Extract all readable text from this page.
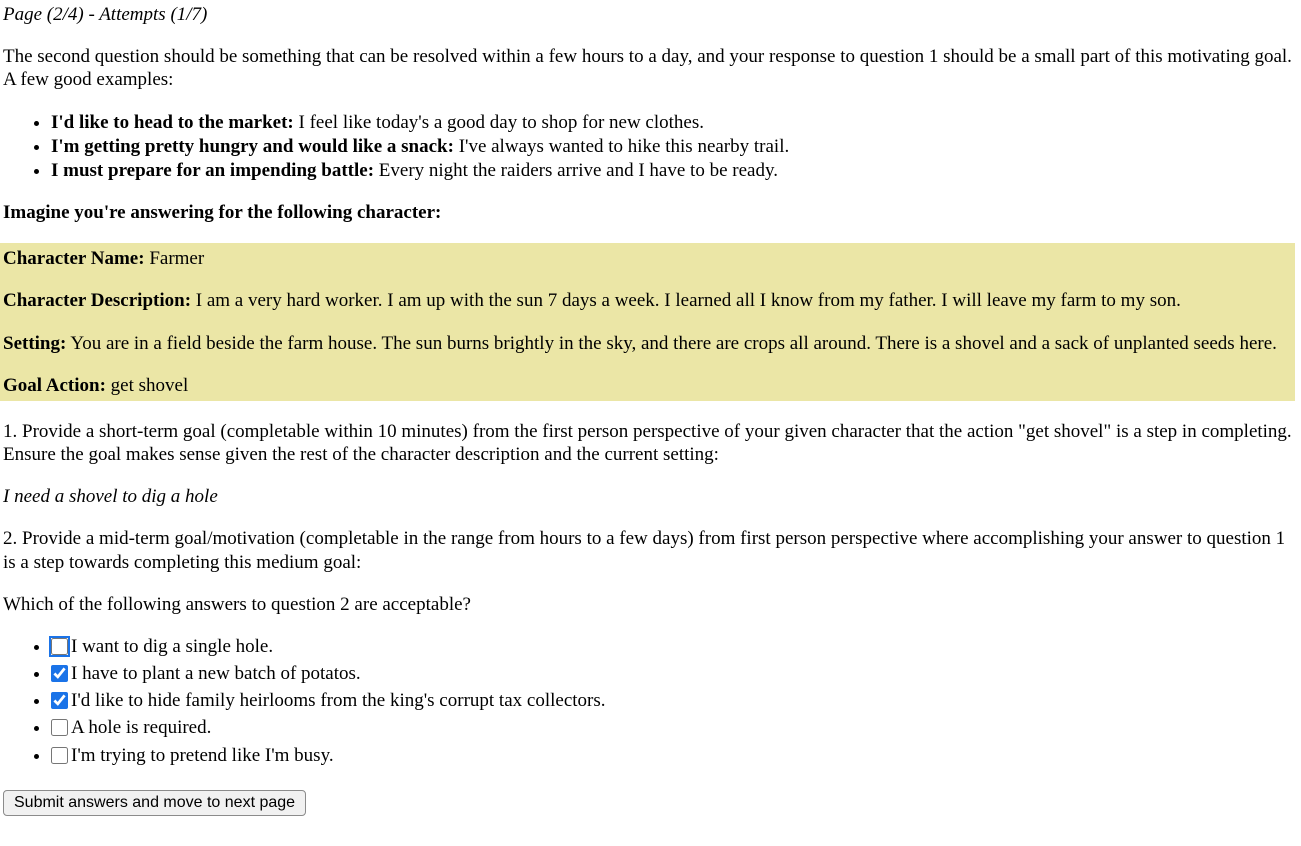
Page (2/4) - Attempts (1/7)

The second question should be something that can be resolved within a few hours to a day, and your response to question 1 should be a small part of this motivating goal. A few good examples:

• I'd like to head to the market: I feel like today's a good day to shop for new clothes.
• I'm getting pretty hungry and would like a snack: I've always wanted to hike this nearby trail.
• I must prepare for an impending battle: Every night the raiders arrive and I have to be ready.

Imagine you're answering for the following character:

Character Name: Farmer

Character Description: I am a very hard worker. I am up with the sun 7 days a week. I learned all I know from my father. I will leave my farm to my son.

Setting: You are in a field beside the farm house. The sun burns brightly in the sky, and there are crops all around. There is a shovel and a sack of unplanted seeds here.

Goal Action: get shovel

1. Provide a short-term goal (completable within 10 minutes) from the first person perspective of your given character that the action "get shovel" is a step in completing. Ensure the goal makes sense given the rest of the character description and the current setting:

I need a shovel to dig a hole

2. Provide a mid-term goal/motivation (completable in the range from hours to a few days) from first person perspective where accomplishing your answer to question 1 is a step towards completing this medium goal:

Which of the following answers to question 2 are acceptable?

• I want to dig a single hole.
• I have to plant a new batch of potatos.
• I'd like to hide family heirlooms from the king's corrupt tax collectors.
• A hole is required.
• I'm trying to pretend like I'm busy.
Submit answers and move to next page
